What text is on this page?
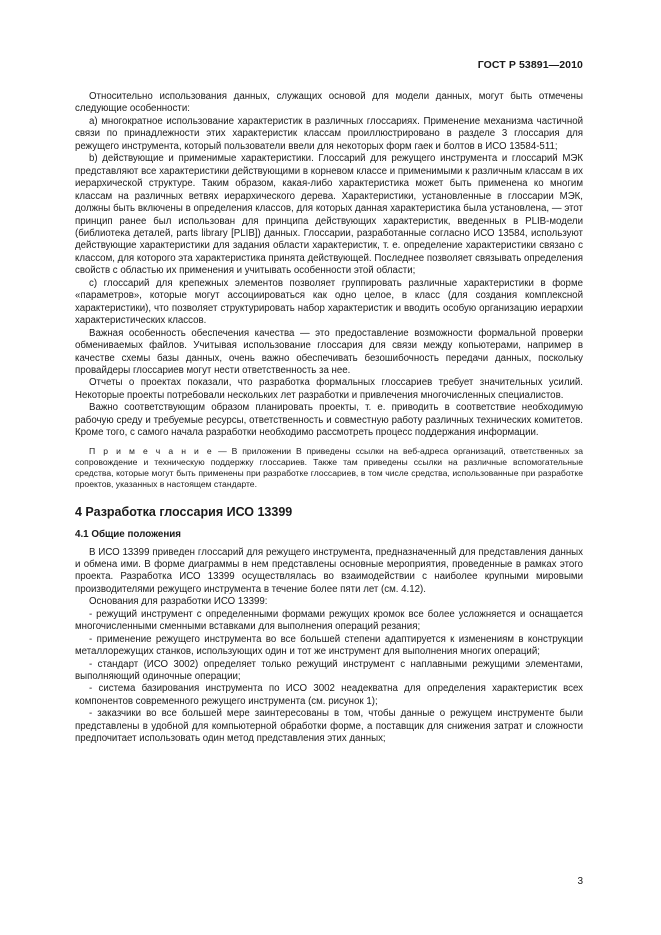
ГОСТ Р 53891—2010

Относительно использования данных, служащих основой для модели данных, могут быть отмечены следующие особенности:

а) многократное использование характеристик в различных глоссариях. Применение механизма частичной связи по принадлежности этих характеристик классам проиллюстрировано в разделе 3 глоссария для режущего инструмента, который пользователи ввели для некоторых форм гаек и болтов в ИСО 13584-511;

b) действующие и применимые характеристики. Глоссарий для режущего инструмента и глоссарий МЭК представляют все характеристики действующими в корневом классе и применимыми к различным классам в их иерархической структуре. Таким образом, какая-либо характеристика может быть применена ко многим классам на различных ветвях иерархического дерева. Характеристики, установленные в глоссарии МЭК, должны быть включены в определения классов, для которых данная характеристика была установлена, — этот принцип ранее был использован для принципа действующих характеристик, введенных в PLIB-модели (библиотека деталей, parts library [PLIB]) данных. Глоссарии, разработанные согласно ИСО 13584, используют действующие характеристики для задания области характеристик, т. е. определение характеристики связано с классом, для которого эта характеристика принята действующей. Последнее позволяет связывать определения свойств с областью их применения и учитывать особенности этой области;

с) глоссарий для крепежных элементов позволяет группировать различные характеристики в форме «параметров», которые могут ассоциироваться как одно целое, в класс (для создания комплексной характеристики), что позволяет структурировать набор характеристик и вводить особую организацию иерархии характеристических классов.

Важная особенность обеспечения качества — это предоставление возможности формальной проверки обмениваемых файлов. Учитывая использование глоссария для связи между копьютерами, например в качестве схемы базы данных, очень важно обеспечивать безошибочность передачи данных, поскольку провайдеры глоссариев могут нести ответственность за нее.

Отчеты о проектах показали, что разработка формальных глоссариев требует значительных усилий. Некоторые проекты потребовали нескольких лет разработки и привлечения многочисленных специалистов.

Важно соответствующим образом планировать проекты, т. е. приводить в соответствие необходимую рабочую среду и требуемые ресурсы, ответственность и совместную работу различных технических комитетов. Кроме того, с самого начала разработки необходимо рассмотреть процесс поддержания информации.

П р и м е ч а н и е — В приложении В приведены ссылки на веб-адреса организаций, ответственных за сопровождение и техническую поддержку глоссариев. Также там приведены ссылки на различные вспомогательные средства, которые могут быть применены при разработке глоссариев, в том числе средства, использованные при разработке проектов, указанных в настоящем стандарте.

4 Разработка глоссария ИСО 13399
4.1 Общие положения

В ИСО 13399 приведен глоссарий для режущего инструмента, предназначенный для представления данных и обмена ими. В форме диаграммы в нем представлены основные мероприятия, проведенные в рамках этого проекта. Разработка ИСО 13399 осуществлялась во взаимодействии с наиболее крупными мировыми производителями режущего инструмента в течение более пяти лет (см. 4.12).

Основания для разработки ИСО 13399:

- режущий инструмент с определенными формами режущих кромок все более усложняется и оснащается многочисленными сменными вставками для выполнения операций резания;

- применение режущего инструмента во все большей степени адаптируется к изменениям в конструкции металлорежущих станков, использующих один и тот же инструмент для выполнения многих операций;

- стандарт (ИСО 3002) определяет только режущий инструмент с наплавными режущими элементами, выполняющий одиночные операции;

- система базирования инструмента по ИСО 3002 неадекватна для определения характеристик всех компонентов современного режущего инструмента (см. рисунок 1);

- заказчики во все большей мере заинтересованы в том, чтобы данные о режущем инструменте были представлены в удобной для компьютерной обработки форме, а поставщик для снижения затрат и сложности предпочитает использовать один метод представления этих данных;

3
